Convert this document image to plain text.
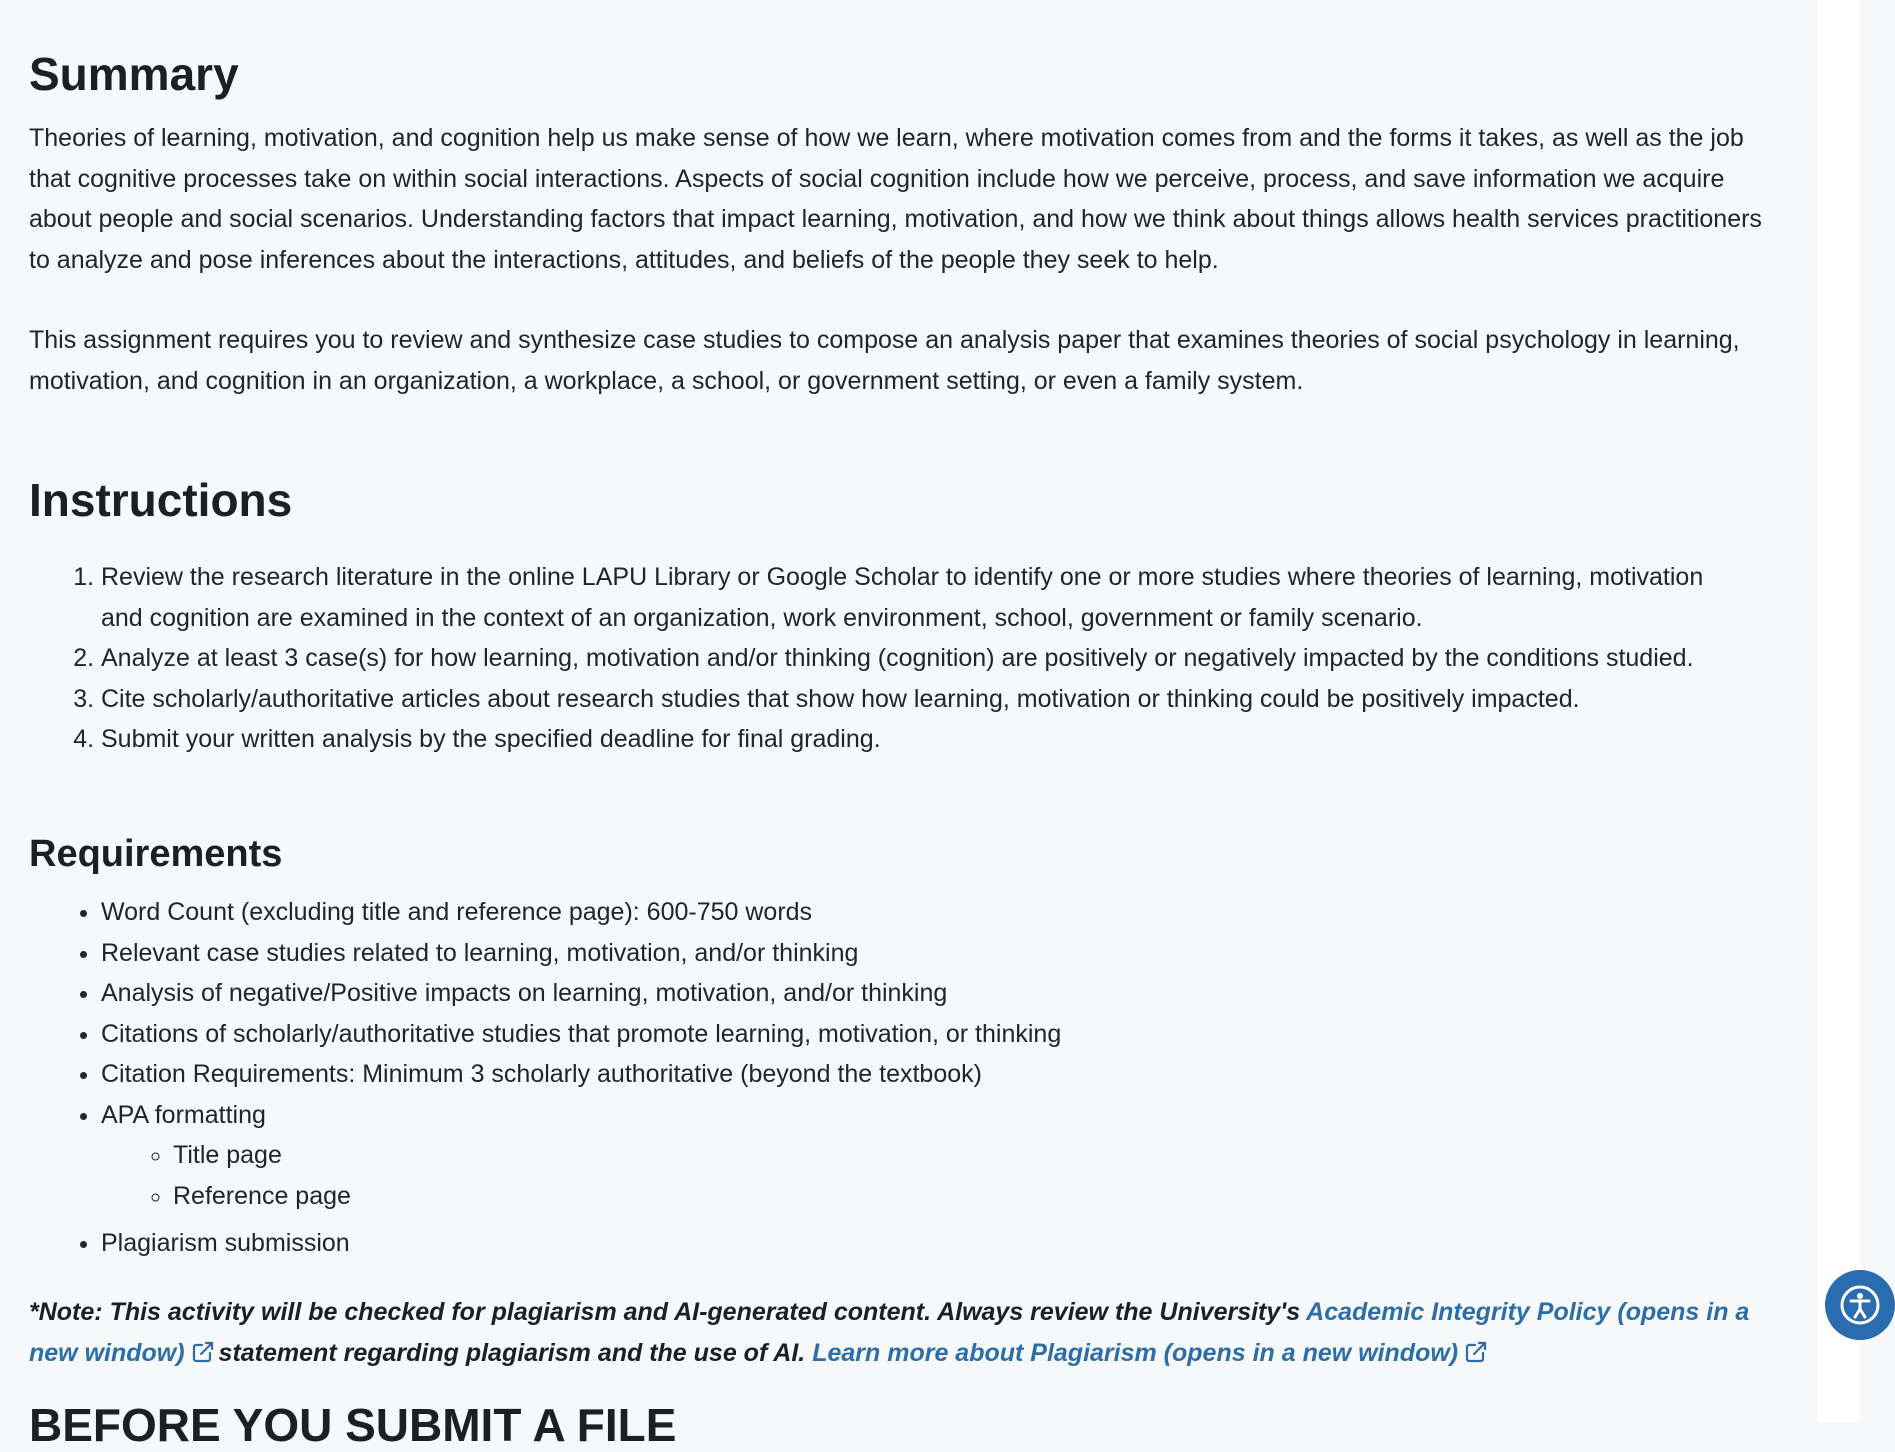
Summary

Theories of learning, motivation, and cognition help us make sense of how we learn, where motivation comes from and the forms it takes, as well as the job that cognitive processes take on within social interactions. Aspects of social cognition include how we perceive, process, and save information we acquire about people and social scenarios. Understanding factors that impact learning, motivation, and how we think about things allows health services practitioners to analyze and pose inferences about the interactions, attitudes, and beliefs of the people they seek to help.

This assignment requires you to review and synthesize case studies to compose an analysis paper that examines theories of social psychology in learning, motivation, and cognition in an organization, a workplace, a school, or government setting, or even a family system.

Instructions
1. Review the research literature in the online LAPU Library or Google Scholar to identify one or more studies where theories of learning, motivation and cognition are examined in the context of an organization, work environment, school, government or family scenario.
2. Analyze at least 3 case(s) for how learning, motivation and/or thinking (cognition) are positively or negatively impacted by the conditions studied.
3. Cite scholarly/authoritative articles about research studies that show how learning, motivation or thinking could be positively impacted.
4. Submit your written analysis by the specified deadline for final grading.
Requirements
• Word Count (excluding title and reference page): 600-750 words
• Relevant case studies related to learning, motivation, and/or thinking
• Analysis of negative/Positive impacts on learning, motivation, and/or thinking
• Citations of scholarly/authoritative studies that promote learning, motivation, or thinking
• Citation Requirements: Minimum 3 scholarly authoritative (beyond the textbook)
• APA formatting
◦ Title page
◦ Reference page
• Plagiarism submission
*Note: This activity will be checked for plagiarism and AI-generated content. Always review the University's Academic Integrity Policy (opens in a new window) statement regarding plagiarism and the use of AI. Learn more about Plagiarism (opens in a new window)
BEFORE YOU SUBMIT A FILE
